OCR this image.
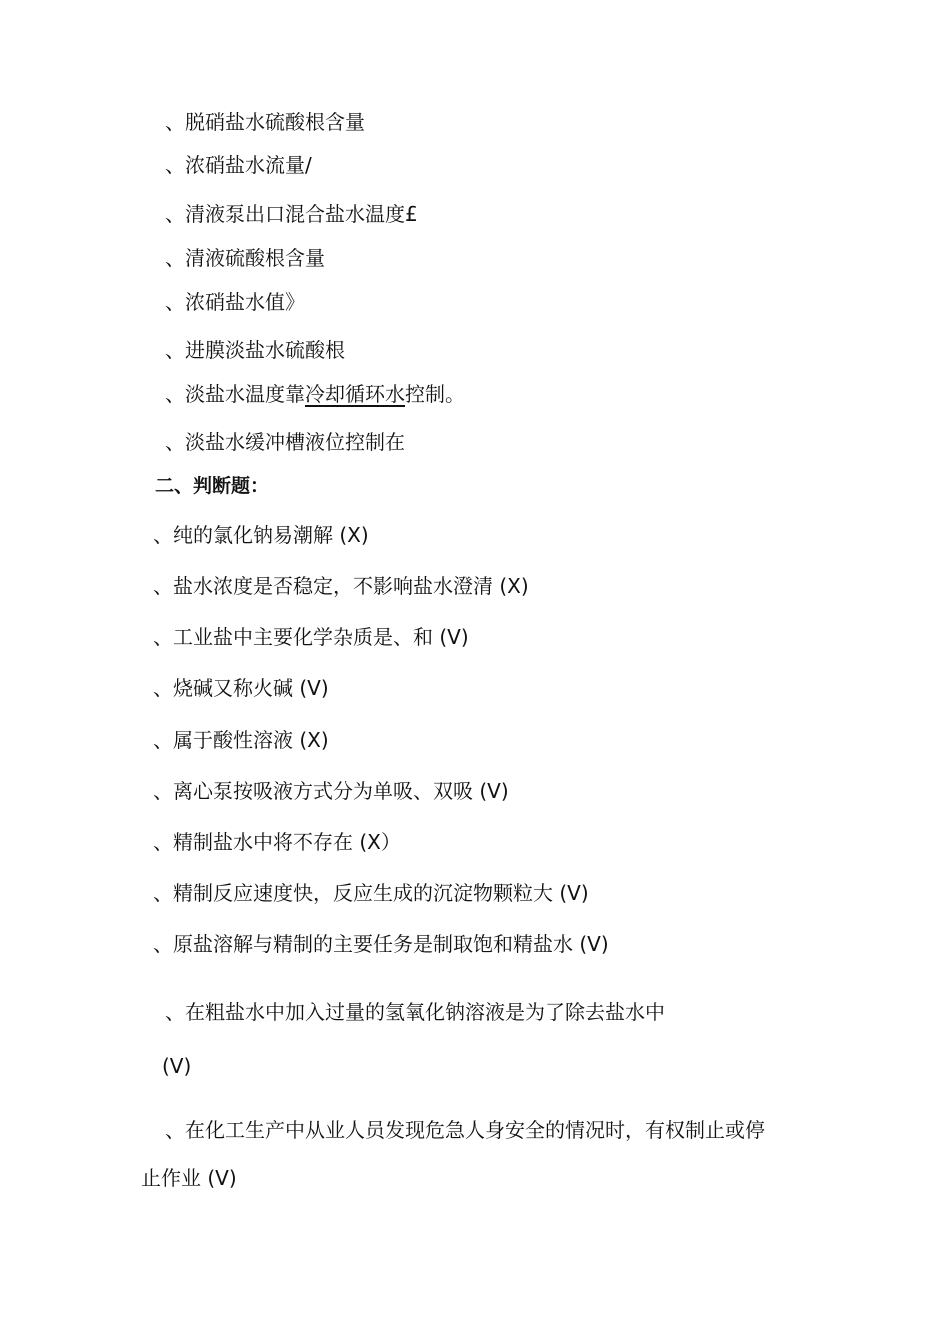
、脱硝盐水硫酸根含量
、浓硝盐水流量/
、清液泵出口混合盐水温度£
、清液硫酸根含量
、浓硝盐水值》
、进膜淡盐水硫酸根
、淡盐水温度靠冷却循环水控制。
、淡盐水缓冲槽液位控制在
二、判断题：
、纯的氯化钠易潮解 (X)
、盐水浓度是否稳定，不影响盐水澄清 (X)
、工业盐中主要化学杂质是、和 (V)
、烧碱又称火碱 (V)
、属于酸性溶液 (X)
、离心泵按吸液方式分为单吸、双吸 (V)
、精制盐水中将不存在 (X）
、精制反应速度快，反应生成的沉淀物颗粒大 (V)
、原盐溶解与精制的主要任务是制取饱和精盐水 (V)
、在粗盐水中加入过量的氢氧化钠溶液是为了除去盐水中
(V)
、在化工生产中从业人员发现危急人身安全的情况时，有权制止或停
止作业 (V)
